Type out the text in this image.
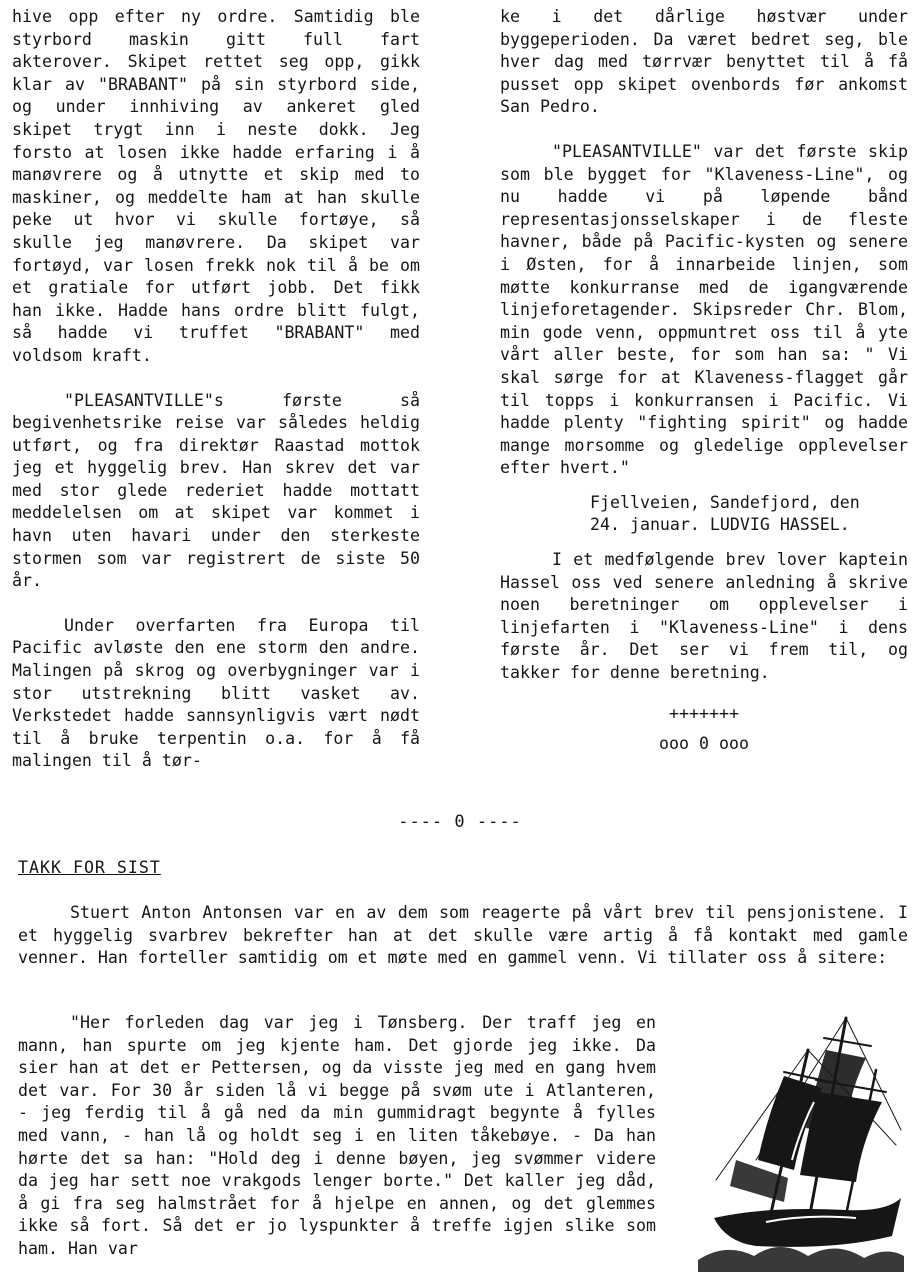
hive opp efter ny ordre. Samtidig ble styrbord maskin gitt full fart akterover. Skipet rettet seg opp, gikk klar av "BRABANT" på sin styrbord side, og under innhiving av ankeret gled skipet trygt inn i neste dokk. Jeg forsto at losen ikke hadde erfaring i å manøvrere og å utnytte et skip med to maskiner, og meddelte ham at han skulle peke ut hvor vi skulle fortøye, så skulle jeg manøvrere. Da skipet var fortøyd, var losen frekk nok til å be om et gratiale for utført jobb. Det fikk han ikke. Hadde hans ordre blitt fulgt, så hadde vi truffet "BRABANT" med voldsom kraft.

"PLEASANTVILLE"s første så begivenhetsrike reise var således heldig utført, og fra direktør Raastad mottok jeg et hyggelig brev. Han skrev det var med stor glede rederiet hadde mottatt meddelelsen om at skipet var kommet i havn uten havari under den sterkeste stormen som var registrert de siste 50 år.

Under overfarten fra Europa til Pacific avløste den ene storm den andre. Malingen på skrog og overbygninger var i stor utstrekning blitt vasket av. Verkstedet hadde sannsynligvis vært nødt til å bruke terpentin o.a. for å få malingen til å tør-

ke i det dårlige høstvær under byggeperioden. Da været bedret seg, ble hver dag med tørrvær benyttet til å få pusset opp skipet ovenbords før ankomst San Pedro.

"PLEASANTVILLE" var det første skip som ble bygget for "Klaveness-Line", og nu hadde vi på løpende bånd representasjonsselskaper i de fleste havner, både på Pacific-kysten og senere i Østen, for å innarbeide linjen, som møtte konkurranse med de igangværende linjeforetagender. Skipsreder Chr. Blom, min gode venn, oppmuntret oss til å yte vårt aller beste, for som han sa: " Vi skal sørge for at Klaveness-flagget går til topps i konkurransen i Pacific. Vi hadde plenty "fighting spirit" og hadde mange morsomme og gledelige opplevelser efter hvert."

Fjellveien, Sandefjord, den
24. januar. LUDVIG HASSEL.

I et medfølgende brev lover kaptein Hassel oss ved senere anledning å skrive noen beretninger om opplevelser i linjefarten i "Klaveness-Line" i dens første år. Det ser vi frem til, og takker for denne beretning.

+++++++
ooo 0 ooo
---- 0 ----
TAKK FOR SIST

Stuert Anton Antonsen var en av dem som reagerte på vårt brev til pensjonistene. I et hyggelig svarbrev bekrefter han at det skulle være artig å få kontakt med gamle venner. Han forteller samtidig om et møte med en gammel venn. Vi tillater oss å sitere:

"Her forleden dag var jeg i Tønsberg. Der traff jeg en mann, han spurte om jeg kjente ham. Det gjorde jeg ikke. Da sier han at det er Pettersen, og da visste jeg med en gang hvem det var. For 30 år siden lå vi begge på svøm ute i Atlanteren, - jeg ferdig til å gå ned da min gummidragt begynte å fylles med vann, - han lå og holdt seg i en liten tåkebøye. - Da han hørte det sa han: "Hold deg i denne bøyen, jeg svømmer videre da jeg har sett noe vrakgods lenger borte." Det kaller jeg dåd, å gi fra seg halmstrået for å hjelpe en annen, og det glemmes ikke så fort. Så det er jo lyspunkter å treffe igjen slike som ham. Han var
